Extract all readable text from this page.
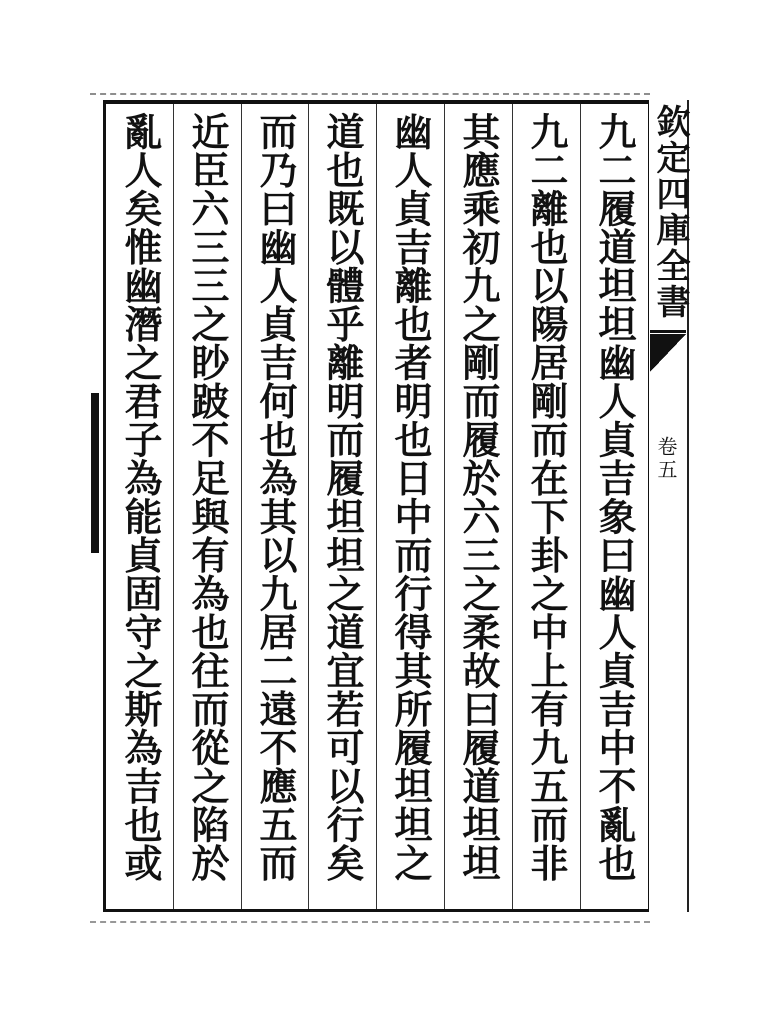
九二履道坦坦幽人貞吉象曰幽人貞吉中不亂也
九二離也以陽居剛而在下卦之中上有九五而非
其應乘初九之剛而履於六三之柔故曰履道坦坦
幽人貞吉離也者明也日中而行得其所履坦坦之
道也既以體乎離明而履坦坦之道宜若可以行矣
而乃曰幽人貞吉何也為其以九居二遠不應五而
近臣六三三之眇跛不足與有為也往而從之陷於
亂人矣惟幽潛之君子為能貞固守之斯為吉也或	欽定四庫全書
卷五
